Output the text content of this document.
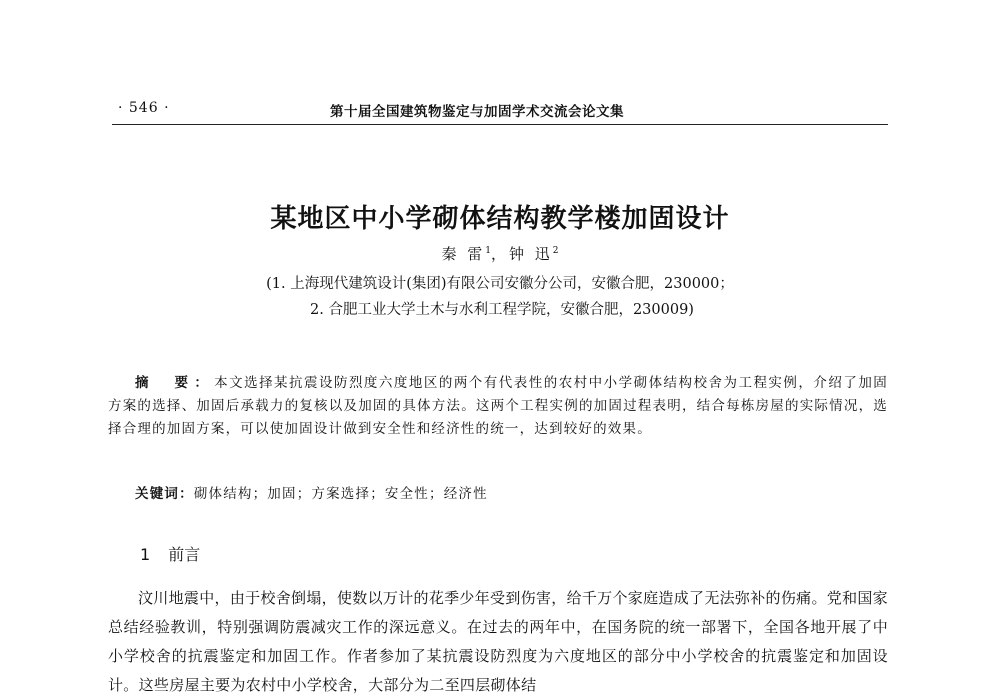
· 546 ·	第十届全国建筑物鉴定与加固学术交流会论文集
某地区中小学砌体结构教学楼加固设计
秦 雷$^1$，钟 迅$^2$
(1. 上海现代建筑设计(集团)有限公司安徽分公司，安徽合肥，230000；
2. 合肥工业大学土木与水利工程学院，安徽合肥，230009)

摘　要：本文选择某抗震设防烈度六度地区的两个有代表性的农村中小学砌体结构校舍为工程实例，介绍了加固方案的选择、加固后承载力的复核以及加固的具体方法。这两个工程实例的加固过程表明，结合每栋房屋的实际情况，选择合理的加固方案，可以使加固设计做到安全性和经济性的统一，达到较好的效果。

关键词：砌体结构；加固；方案选择；安全性；经济性
1 前言

汶川地震中，由于校舍倒塌，使数以万计的花季少年受到伤害，给千万个家庭造成了无法弥补的伤痛。党和国家总结经验教训，特别强调防震减灾工作的深远意义。在过去的两年中，在国务院的统一部署下，全国各地开展了中小学校舍的抗震鉴定和加固工作。作者参加了某抗震设防烈度为六度地区的部分中小学校舍的抗震鉴定和加固设计。这些房屋主要为农村中小学校舍，大部分为二至四层砌体结
